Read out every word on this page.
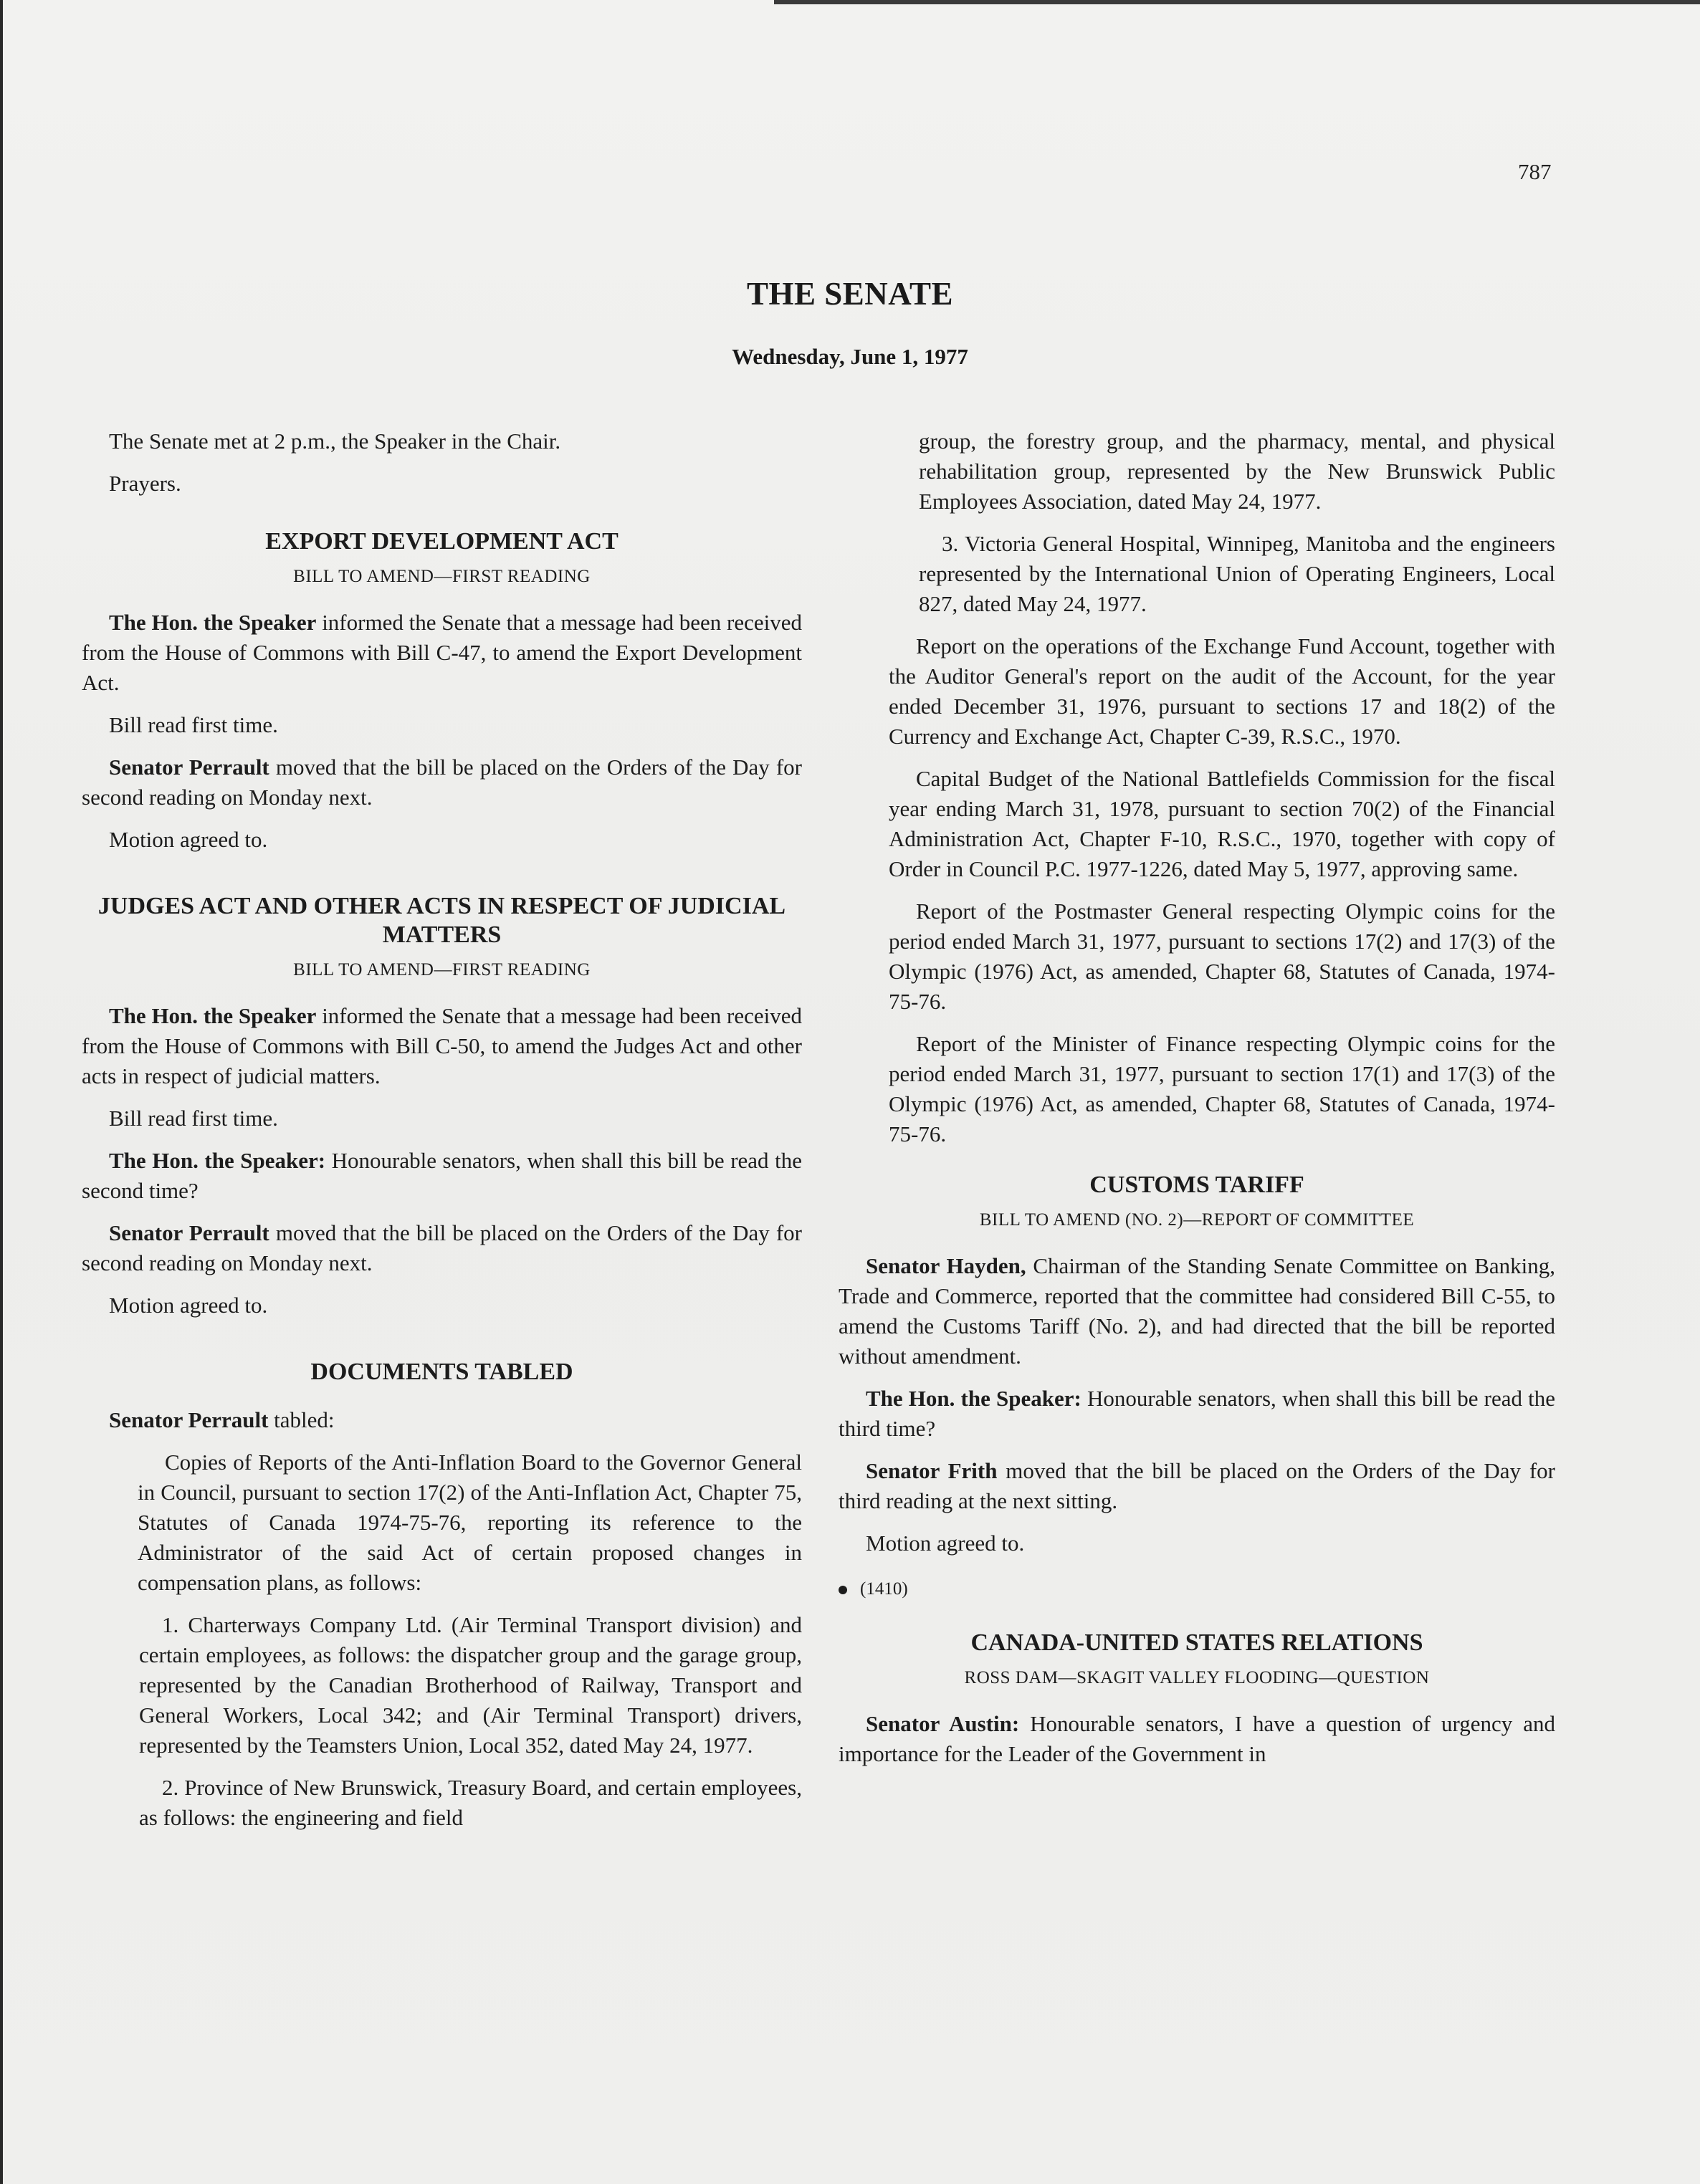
787
THE SENATE
Wednesday, June 1, 1977

The Senate met at 2 p.m., the Speaker in the Chair.

Prayers.

EXPORT DEVELOPMENT ACT
BILL TO AMEND—FIRST READING

The Hon. the Speaker informed the Senate that a message had been received from the House of Commons with Bill C-47, to amend the Export Development Act.

Bill read first time.

Senator Perrault moved that the bill be placed on the Orders of the Day for second reading on Monday next.

Motion agreed to.

JUDGES ACT AND OTHER ACTS IN RESPECT OF JUDICIAL MATTERS
BILL TO AMEND—FIRST READING

The Hon. the Speaker informed the Senate that a message had been received from the House of Commons with Bill C-50, to amend the Judges Act and other acts in respect of judicial matters.

Bill read first time.

The Hon. the Speaker: Honourable senators, when shall this bill be read the second time?

Senator Perrault moved that the bill be placed on the Orders of the Day for second reading on Monday next.

Motion agreed to.

DOCUMENTS TABLED

Senator Perrault tabled:

Copies of Reports of the Anti-Inflation Board to the Governor General in Council, pursuant to section 17(2) of the Anti-Inflation Act, Chapter 75, Statutes of Canada 1974-75-76, reporting its reference to the Administrator of the said Act of certain proposed changes in compensation plans, as follows:

1. Charterways Company Ltd. (Air Terminal Transport division) and certain employees, as follows: the dispatcher group and the garage group, represented by the Canadian Brotherhood of Railway, Transport and General Workers, Local 342; and (Air Terminal Transport) drivers, represented by the Teamsters Union, Local 352, dated May 24, 1977.

2. Province of New Brunswick, Treasury Board, and certain employees, as follows: the engineering and field

group, the forestry group, and the pharmacy, mental, and physical rehabilitation group, represented by the New Brunswick Public Employees Association, dated May 24, 1977.

3. Victoria General Hospital, Winnipeg, Manitoba and the engineers represented by the International Union of Operating Engineers, Local 827, dated May 24, 1977.

Report on the operations of the Exchange Fund Account, together with the Auditor General's report on the audit of the Account, for the year ended December 31, 1976, pursuant to sections 17 and 18(2) of the Currency and Exchange Act, Chapter C-39, R.S.C., 1970.

Capital Budget of the National Battlefields Commission for the fiscal year ending March 31, 1978, pursuant to section 70(2) of the Financial Administration Act, Chapter F-10, R.S.C., 1970, together with copy of Order in Council P.C. 1977-1226, dated May 5, 1977, approving same.

Report of the Postmaster General respecting Olympic coins for the period ended March 31, 1977, pursuant to sections 17(2) and 17(3) of the Olympic (1976) Act, as amended, Chapter 68, Statutes of Canada, 1974-75-76.

Report of the Minister of Finance respecting Olympic coins for the period ended March 31, 1977, pursuant to section 17(1) and 17(3) of the Olympic (1976) Act, as amended, Chapter 68, Statutes of Canada, 1974-75-76.

CUSTOMS TARIFF
BILL TO AMEND (NO. 2)—REPORT OF COMMITTEE

Senator Hayden, Chairman of the Standing Senate Committee on Banking, Trade and Commerce, reported that the committee had considered Bill C-55, to amend the Customs Tariff (No. 2), and had directed that the bill be reported without amendment.

The Hon. the Speaker: Honourable senators, when shall this bill be read the third time?

Senator Frith moved that the bill be placed on the Orders of the Day for third reading at the next sitting.

Motion agreed to.

(1410)
CANADA-UNITED STATES RELATIONS
ROSS DAM—SKAGIT VALLEY FLOODING—QUESTION

Senator Austin: Honourable senators, I have a question of urgency and importance for the Leader of the Government in
